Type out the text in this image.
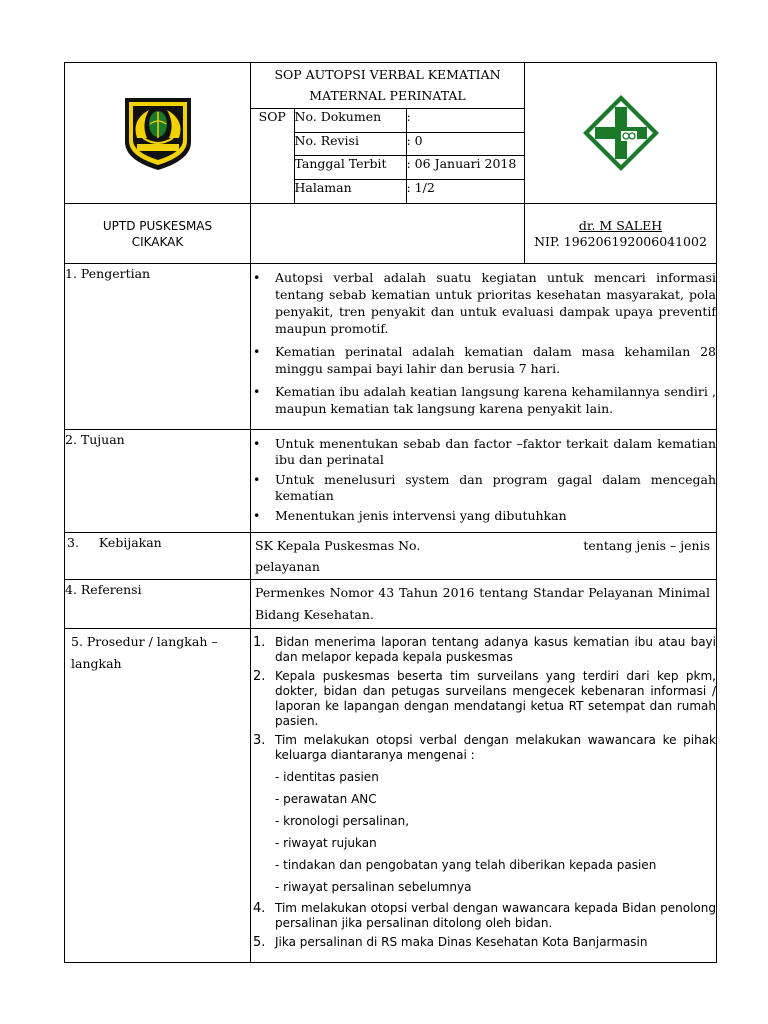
SOP AUTOPSI VERBAL KEMATIAN
MATERNAL PERINATAL
SOP	No. Dokumen	:
No. Revisi	: 0
Tanggal Terbit	: 06 Januari 2018
Halaman	: 1/2

UPTD PUSKESMAS
CIKAKAK

dr. M SALEH
NIP. 196206192006041002

1. Pengertian	
•Autopsi verbal adalah suatu kegiatan untuk mencari informasi tentang sebab kematian untuk prioritas kesehatan masyarakat, pola penyakit, tren penyakit dan untuk evaluasi dampak upaya preventif maupun promotif.
• Kematian perinatal adalah kematian dalam masa kehamilan 28 minggu sampai bayi lahir dan berusia 7 hari.
• Kematian ibu adalah keatian langsung karena kehamilannya sendiri , maupun kematian tak langsung karena penyakit lain.

2. Tujuan	
•Untuk menentukan sebab dan factor –faktor terkait dalam kematian ibu dan perinatal
• Untuk menelusuri system dan program gagal dalam mencegah kematian
• Menentukan jenis intervensi yang dibutuhkan

3. Kebijakan	SK Kepala Puskesmas No.	tentang jenis – jenis
pelayanan

4. Referensi	Permenkes Nomor 43 Tahun 2016 tentang Standar Pelayanan Minimal Bidang Kesehatan.

5. Prosedur / langkah –
langkah

1. Bidan menerima laporan tentang adanya kasus kematian ibu atau bayi dan melapor kepada kepala puskesmas
2. Kepala puskesmas beserta tim surveilans yang terdiri dari kep pkm, dokter, bidan dan petugas surveilans mengecek kebenaran informasi / laporan ke lapangan dengan mendatangi ketua RT setempat dan rumah pasien.
3. Tim melakukan otopsi verbal dengan melakukan wawancara ke pihak keluarga diantaranya mengenai :
- identitas pasien
- perawatan ANC
- kronologi persalinan,
- riwayat rujukan
- tindakan dan pengobatan yang telah diberikan kepada pasien
- riwayat persalinan sebelumnya
4. Tim melakukan otopsi verbal dengan wawancara kepada Bidan penolong persalinan jika persalinan ditolong oleh bidan.
5. Jika persalinan di RS maka Dinas Kesehatan Kota Banjarmasin
